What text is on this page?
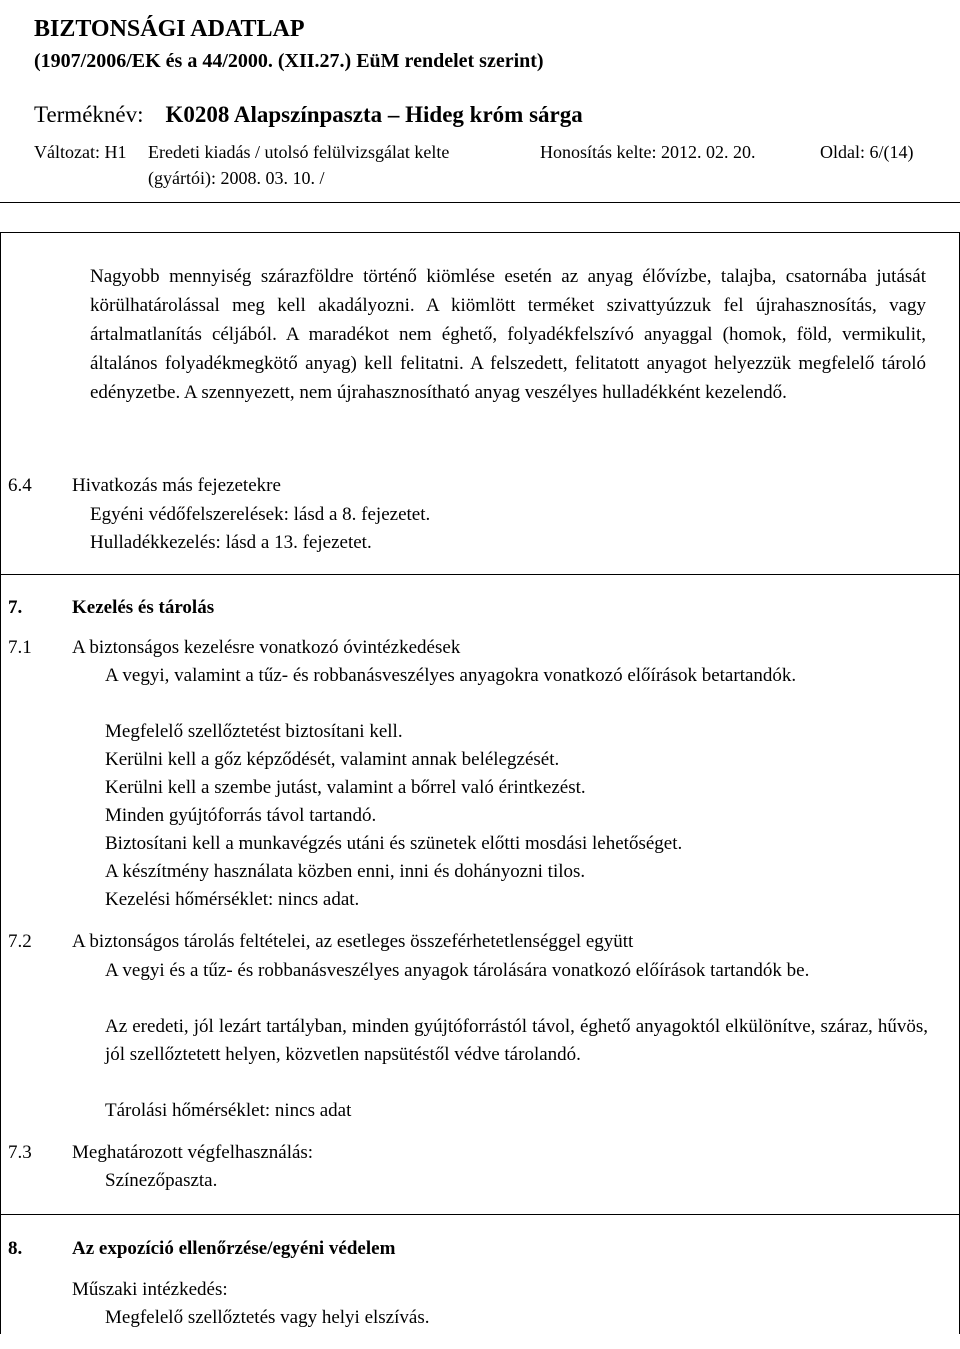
BIZTONSÁGI ADATLAP
(1907/2006/EK és a 44/2000. (XII.27.) EüM rendelet szerint)
Terméknév: K0208 Alapszínpaszta – Hideg króm sárga
Változat: H1 Eredeti kiadás / utolsó felülvizsgálat kelte	Honosítás kelte: 2012. 02. 20.	Oldal: 6/(14)
(gyártói): 2008. 03. 10. /

Nagyobb mennyiség szárazföldre történő kiömlése esetén az anyag élővízbe, talajba, csatornába jutását körülhatárolással meg kell akadályozni. A kiömlött terméket szivattyúzzuk fel újrahasznosítás, vagy ártalmatlanítás céljából. A maradékot nem éghető, folyadékfelszívó anyaggal (homok, föld, vermikulit, általános folyadékmegkötő anyag) kell felitatni. A felszedett, felitatott anyagot helyezzük megfelelő tároló edényzetbe. A szennyezett, nem újrahasznosítható anyag veszélyes hulladékként kezelendő.

6.4 Hivatkozás más fejezetekre
Egyéni védőfelszerelések: lásd a 8. fejezetet.
Hulladékkezelés: lásd a 13. fejezetet.
7.	Kezelés és tárolás
7.1 A biztonságos kezelésre vonatkozó óvintézkedések

A vegyi, valamint a tűz- és robbanásveszélyes anyagokra vonatkozó előírások betartandók.

Megfelelő szellőztetést biztosítani kell.
Kerülni kell a gőz képződését, valamint annak belélegzését.
Kerülni kell a szembe jutást, valamint a bőrrel való érintkezést.
Minden gyújtóforrás távol tartandó.
Biztosítani kell a munkavégzés utáni és szünetek előtti mosdási lehetőséget.
A készítmény használata közben enni, inni és dohányozni tilos.
Kezelési hőmérséklet: nincs adat.
7.2 A biztonságos tárolás feltételei, az esetleges összeférhetetlenséggel együtt

A vegyi és a tűz- és robbanásveszélyes anyagok tárolására vonatkozó előírások tartandók be.

Az eredeti, jól lezárt tartályban, minden gyújtóforrástól távol, éghető anyagoktól elkülönítve, száraz, hűvös, jól szellőztetett helyen, közvetlen napsütéstől védve tárolandó.

Tárolási hőmérséklet: nincs adat
7.3 Meghatározott végfelhasználás:
Színezőpaszta.
8.	Az expozíció ellenőrzése/egyéni védelem
Műszaki intézkedés:
Megfelelő szellőztetés vagy helyi elszívás.
